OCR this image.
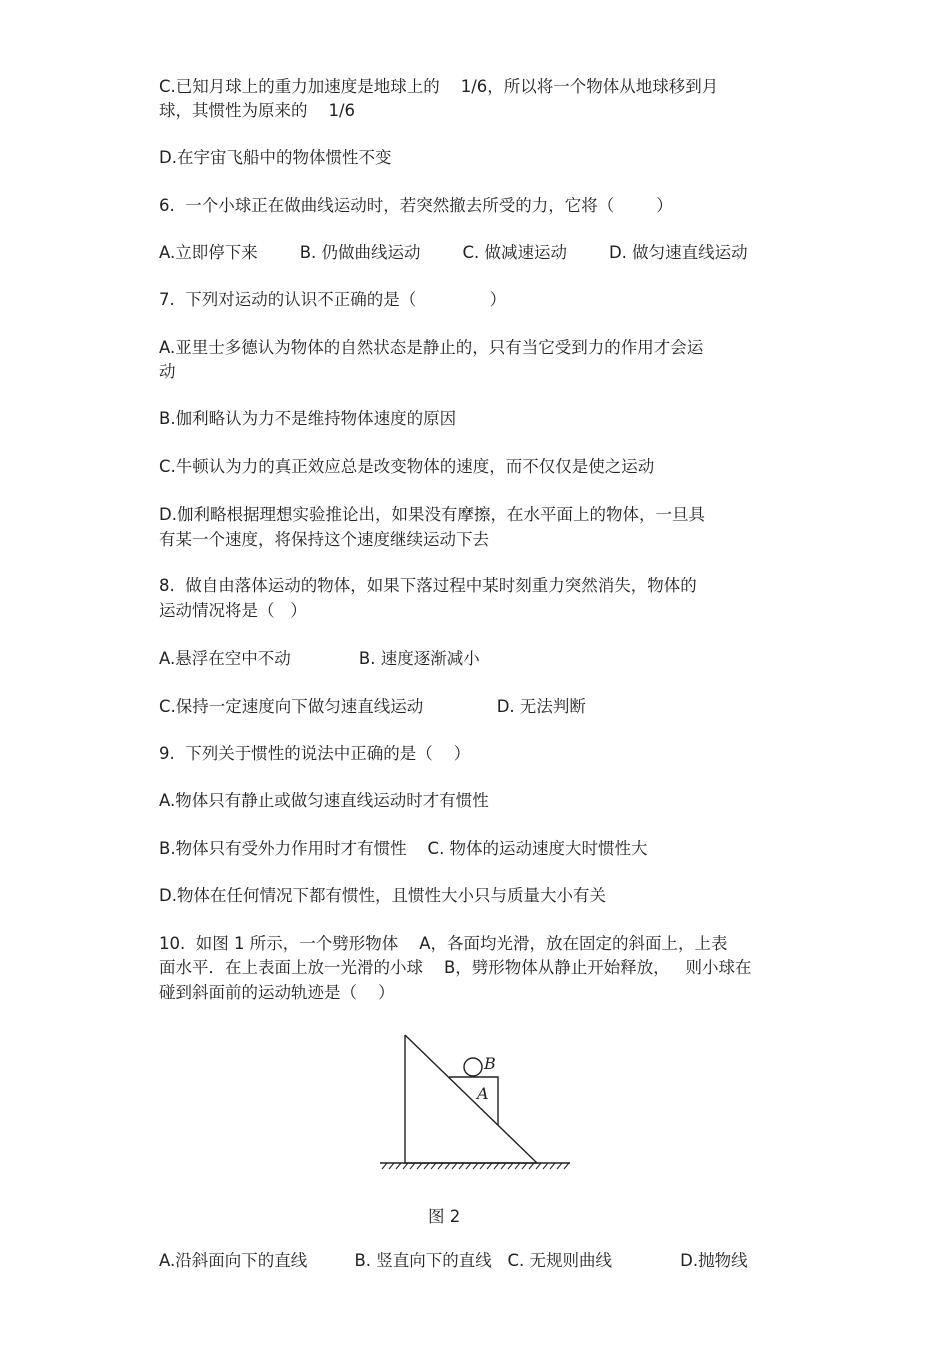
C.已知月球上的重力加速度是地球上的    1/6，所以将一个物体从地球移到月
球，其惯性为原来的    1/6
D.在宇宙飞船中的物体惯性不变
6.  一个小球正在做曲线运动时，若突然撤去所受的力，它将（        ）
A.立即停下来        B. 仍做曲线运动        C. 做减速运动        D. 做匀速直线运动
7.  下列对运动的认识不正确的是（              ）
A.亚里士多德认为物体的自然状态是静止的，只有当它受到力的作用才会运
动
B.伽利略认为力不是维持物体速度的原因
C.牛顿认为力的真正效应总是改变物体的速度，而不仅仅是使之运动
D.伽利略根据理想实验推论出，如果没有摩擦，在水平面上的物体，一旦具
有某一个速度，将保持这个速度继续运动下去
8.  做自由落体运动的物体，如果下落过程中某时刻重力突然消失，物体的
运动情况将是（   ）
A.悬浮在空中不动             B. 速度逐渐减小
C.保持一定速度向下做匀速直线运动              D. 无法判断
9.  下列关于惯性的说法中正确的是（    ）
A.物体只有静止或做匀速直线运动时才有惯性
B.物体只有受外力作用时才有惯性    C. 物体的运动速度大时惯性大
D.物体在任何情况下都有惯性，且惯性大小只与质量大小有关
10.  如图 1 所示，一个劈形物体    A，各面均光滑，放在固定的斜面上，上表
面水平．在上表面上放一光滑的小球    B，劈形物体从静止开始释放，   则小球在
碰到斜面前的运动轨迹是（    ）
B
A
图 2
A.沿斜面向下的直线         B. 竖直向下的直线   C. 无规则曲线             D.抛物线
